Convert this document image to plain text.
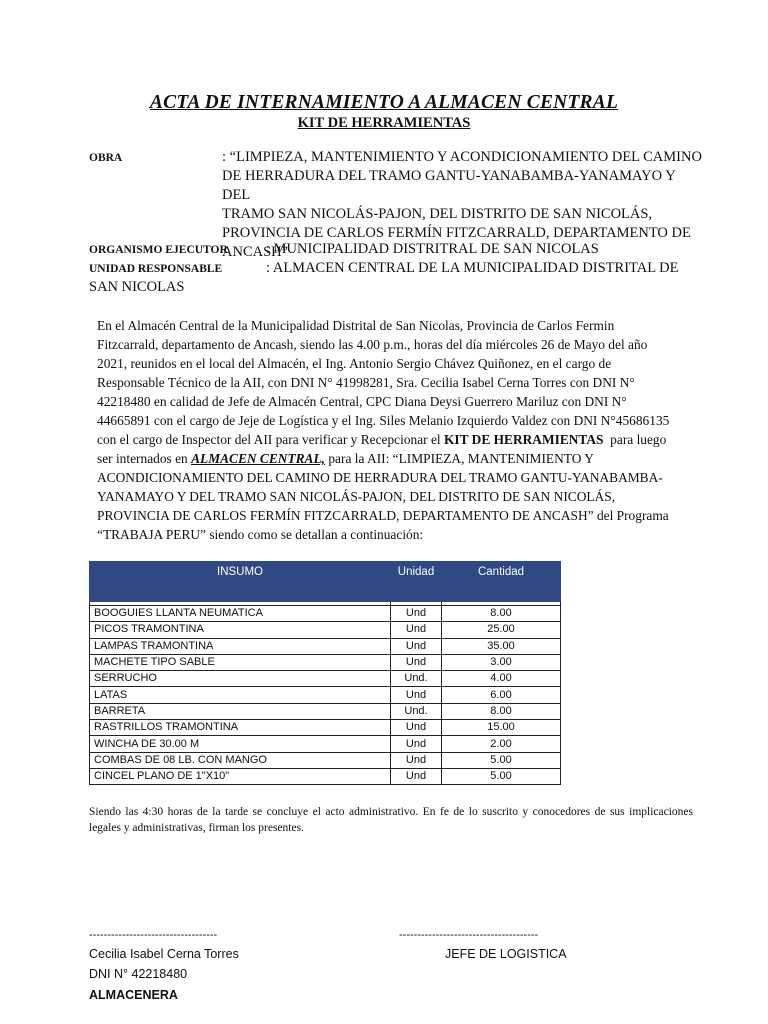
ACTA DE INTERNAMIENTO A ALMACEN CENTRAL
KIT DE HERRAMIENTAS
OBRA	: “LIMPIEZA, MANTENIMIENTO Y ACONDICIONAMIENTO DEL CAMINO
DE HERRADURA DEL TRAMO GANTU-YANABAMBA-YANAMAYO Y DEL
TRAMO SAN NICOLÁS-PAJON, DEL DISTRITO DE SAN NICOLÁS,
PROVINCIA DE CARLOS FERMÍN FITZCARRALD, DEPARTAMENTO DE
ANCASH”
ORGANISMO EJECUTOR	: MUNICIPALIDAD DISTRITRAL DE SAN NICOLAS
UNIDAD RESPONSABLE	: ALMACEN CENTRAL DE LA MUNICIPALIDAD DISTRITAL DE
SAN NICOLAS
En el Almacén Central de la Municipalidad Distrital de San Nicolas, Provincia de Carlos Fermin
Fitzcarrald, departamento de Ancash, siendo las 4.00 p.m., horas del día miércoles 26 de Mayo del año
2021, reunidos en el local del Almacén, el Ing. Antonio Sergio Chávez Quiñonez, en el cargo de
Responsable Técnico de la AII, con DNI N° 41998281, Sra. Cecilia Isabel Cerna Torres con DNI N°
42218480 en calidad de Jefe de Almacén Central, CPC Diana Deysi Guerrero Mariluz con DNI N°
44665891 con el cargo de Jeje de Logística y el Ing. Siles Melanio Izquierdo Valdez con DNI N°45686135
con el cargo de Inspector del AII para verificar y Recepcionar el KIT DE HERRAMIENTAS  para luego
ser internados en ALMACEN CENTRAL, para la AII: “LIMPIEZA, MANTENIMIENTO Y
ACONDICIONAMIENTO DEL CAMINO DE HERRADURA DEL TRAMO GANTU-YANABAMBA-
YANAMAYO Y DEL TRAMO SAN NICOLÁS-PAJON, DEL DISTRITO DE SAN NICOLÁS,
PROVINCIA DE CARLOS FERMÍN FITZCARRALD, DEPARTAMENTO DE ANCASH” del Programa
“TRABAJA PERU” siendo como se detallan a continuación:
INSUMO	Unidad	Cantidad

BOOGUIES LLANTA NEUMATICA	Und	8.00
PICOS TRAMONTINA	Und	25.00
LAMPAS TRAMONTINA	Und	35.00
MACHETE TIPO SABLE	Und	3.00
SERRUCHO	Und.	4.00
LATAS	Und	6.00
BARRETA	Und.	8.00
RASTRILLOS TRAMONTINA	Und	15.00
WINCHA DE 30.00 M	Und	2.00
COMBAS DE 08 LB. CON MANGO	Und	5.00
CINCEL PLANO DE 1"X10"	Und	5.00
Siendo las 4:30 horas de la tarde se concluye el acto administrativo. En fe de lo suscrito y conocedores de sus implicaciones legales y administrativas, firman los presentes.
-----------------------------------
Cecilia Isabel Cerna Torres
DNI N° 42218480
ALMACENERA
--------------------------------------
JEFE DE LOGISTICA
